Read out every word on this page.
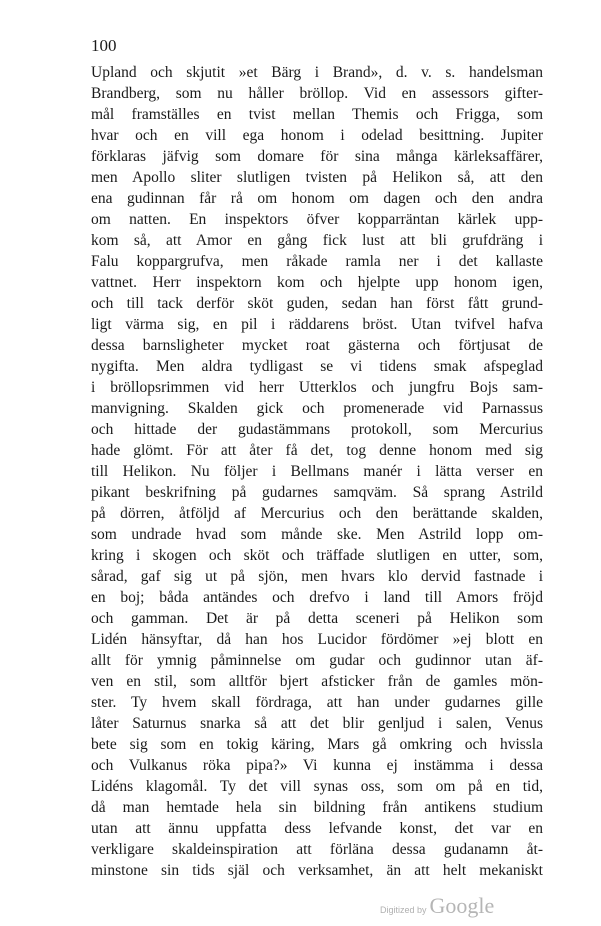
100
Upland och skjutit »et Bärg i Brand», d. v. s. handelsman
Brandberg, som nu håller bröllop. Vid en assessors gifter-
mål framställes en tvist mellan Themis och Frigga, som
hvar och en vill ega honom i odelad besittning. Jupiter
förklaras jäfvig som domare för sina många kärleksaffärer,
men Apollo sliter slutligen tvisten på Helikon så, att den
ena gudinnan får rå om honom om dagen och den andra
om natten. En inspektors öfver kopparräntan kärlek upp-
kom så, att Amor en gång fick lust att bli grufdräng i
Falu koppargrufva, men råkade ramla ner i det kallaste
vattnet. Herr inspektorn kom och hjelpte upp honom igen,
och till tack derför sköt guden, sedan han först fått grund-
ligt värma sig, en pil i räddarens bröst. Utan tvifvel hafva
dessa barnsligheter mycket roat gästerna och förtjusat de
nygifta. Men aldra tydligast se vi tidens smak afspeglad
i bröllopsrimmen vid herr Utterklos och jungfru Bojs sam-
manvigning. Skalden gick och promenerade vid Parnassus
och hittade der gudastämmans protokoll, som Mercurius
hade glömt. För att åter få det, tog denne honom med sig
till Helikon. Nu följer i Bellmans manér i lätta verser en
pikant beskrifning på gudarnes samqväm. Så sprang Astrild
på dörren, åtföljd af Mercurius och den berättande skalden,
som undrade hvad som månde ske. Men Astrild lopp om-
kring i skogen och sköt och träffade slutligen en utter, som,
sårad, gaf sig ut på sjön, men hvars klo dervid fastnade i
en boj; båda antändes och drefvo i land till Amors fröjd
och gamman. Det är på detta sceneri på Helikon som
Lidén hänsyftar, då han hos Lucidor fördömer »ej blott en
allt för ymnig påminnelse om gudar och gudinnor utan äf-
ven en stil, som alltför bjert afsticker från de gamles mön-
ster. Ty hvem skall fördraga, att han under gudarnes gille
låter Saturnus snarka så att det blir genljud i salen, Venus
bete sig som en tokig käring, Mars gå omkring och hvissla
och Vulkanus röka pipa?» Vi kunna ej instämma i dessa
Lidéns klagomål. Ty det vill synas oss, som om på en tid,
då man hemtade hela sin bildning från antikens studium
utan att ännu uppfatta dess lefvande konst, det var en
verkligare skaldeinspiration att förläna dessa gudanamn åt-
minstone sin tids själ och verksamhet, än att helt mekaniskt
Digitized by Google
